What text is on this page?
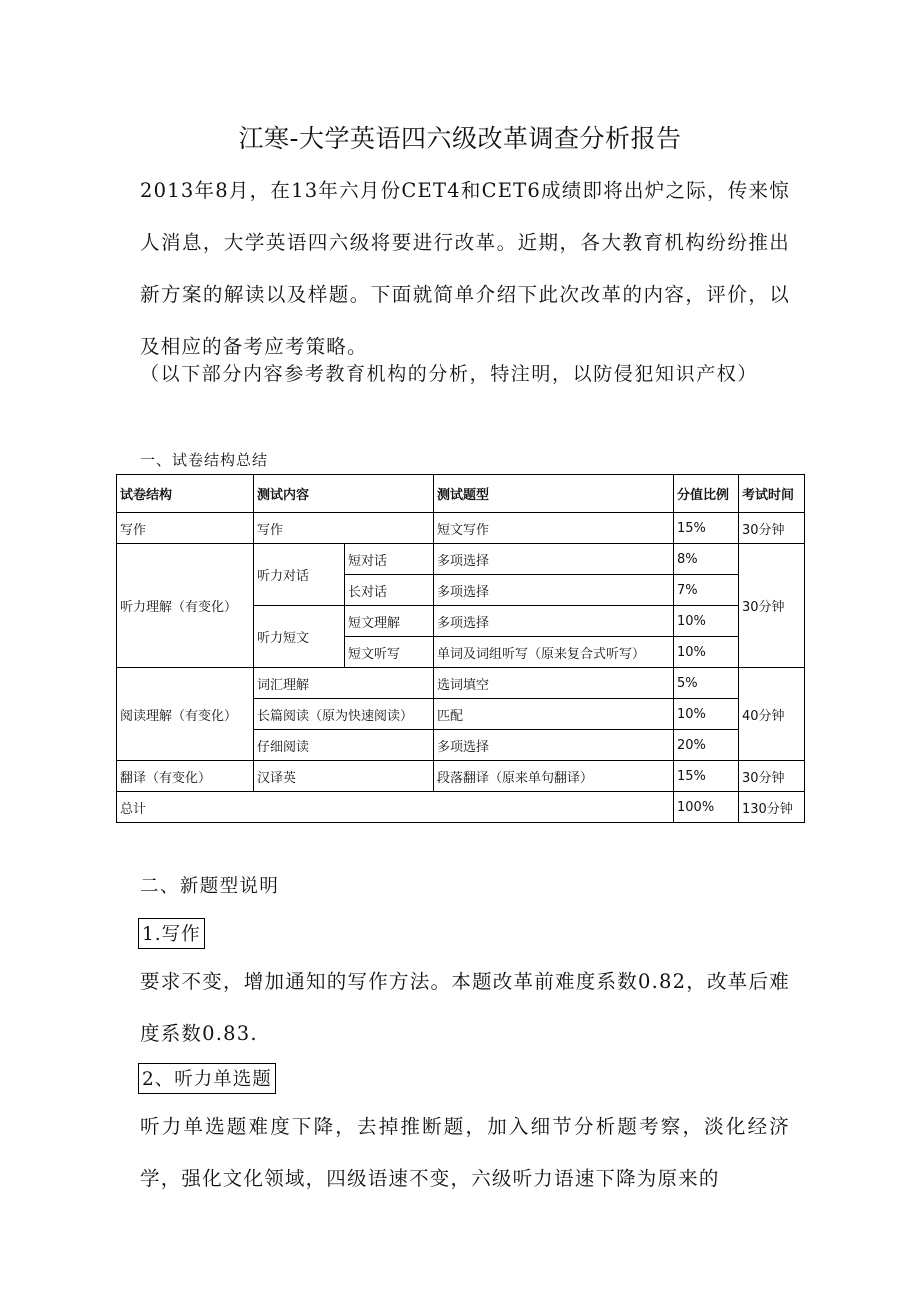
江寒-大学英语四六级改革调查分析报告
2013年8月，在13年六月份CET4和CET6成绩即将出炉之际，传来惊人消息，大学英语四六级将要进行改革。近期，各大教育机构纷纷推出新方案的解读以及样题。下面就简单介绍下此次改革的内容，评价，以及相应的备考应考策略。
（以下部分内容参考教育机构的分析，特注明，以防侵犯知识产权）
一、试卷结构总结
试卷结构	测试内容		测试题型	分值比例	考试时间
写作	写作		短文写作	15%	30分钟
听力理解（有变化）	听力对话	短对话	多项选择	8%	30分钟
		长对话	多项选择	7%	
	听力短文	短文理解	多项选择	10%	
		短文听写	单词及词组听写（原来复合式听写）	10%	
阅读理解（有变化）	词汇理解		选词填空	5%	40分钟
	长篇阅读（原为快速阅读）		匹配	10%	
	仔细阅读		多项选择	20%	
翻译（有变化）	汉译英		段落翻译（原来单句翻译）	15%	30分钟
总计				100%	130分钟
二、新题型说明
1.写作
要求不变，增加通知的写作方法。本题改革前难度系数0.82，改革后难度系数0.83.
2、听力单选题
听力单选题难度下降，去掉推断题，加入细节分析题考察，淡化经济学，强化文化领域，四级语速不变，六级听力语速下降为原来的
